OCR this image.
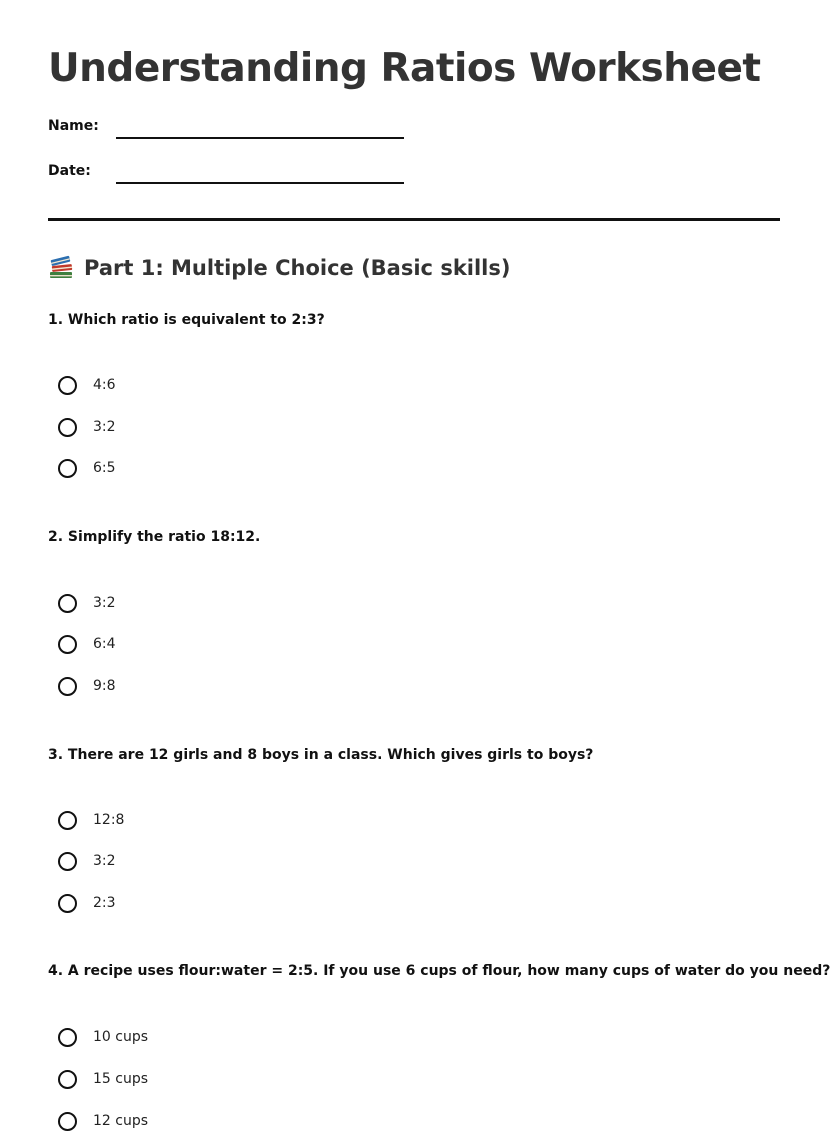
Understanding Ratios Worksheet
Name:
Date:
Part 1: Multiple Choice (Basic skills)
1. Which ratio is equivalent to 2:3?
4:6
3:2
6:5
2. Simplify the ratio 18:12.
3:2
6:4
9:8
3. There are 12 girls and 8 boys in a class. Which gives girls to boys?
12:8
3:2
2:3
4. A recipe uses flour:water = 2:5. If you use 6 cups of flour, how many cups of water do you need?
10 cups
15 cups
12 cups
